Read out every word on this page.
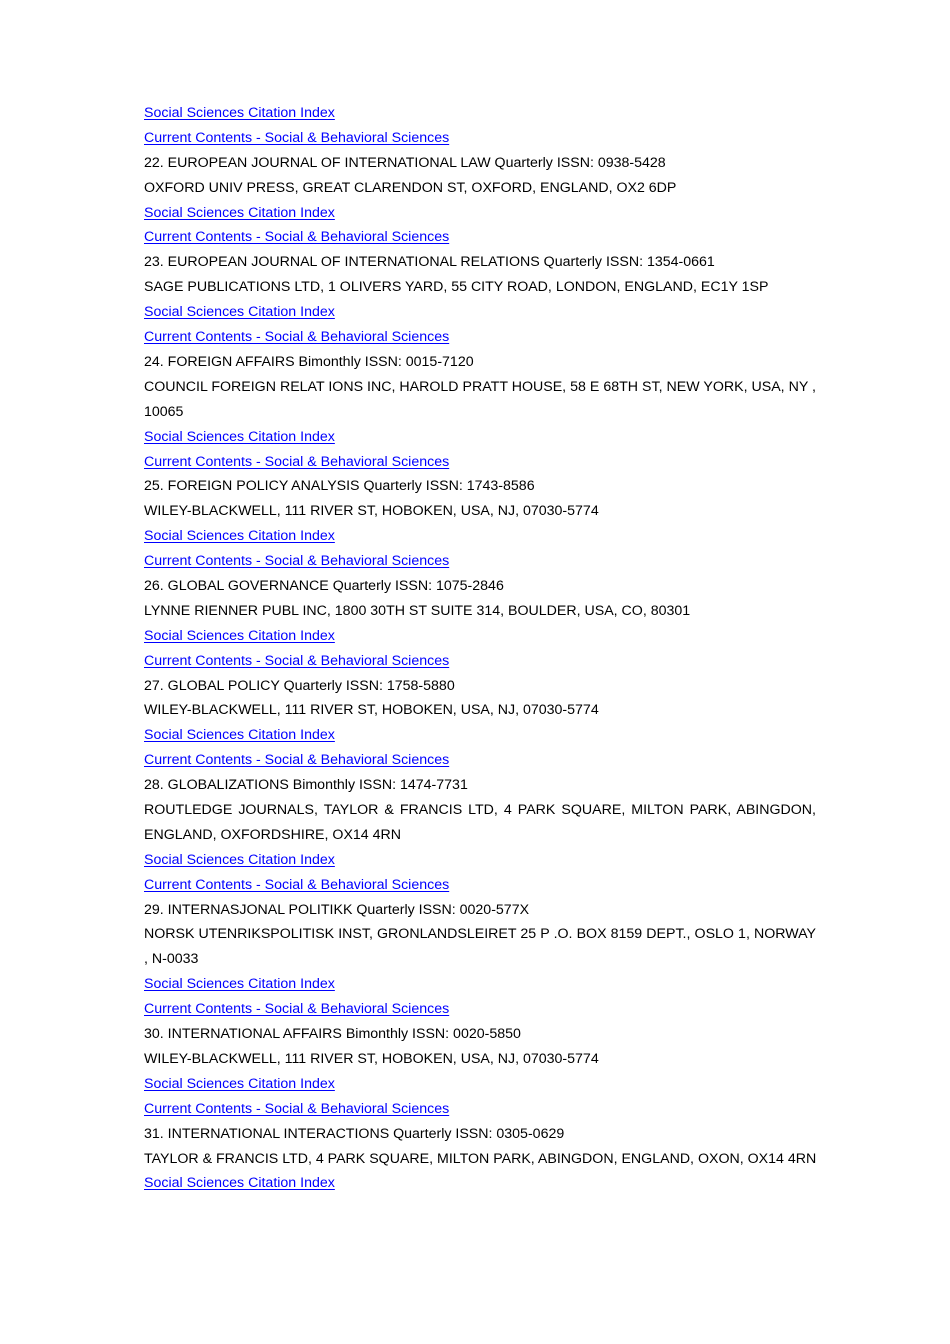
Social Sciences Citation Index
Current Contents - Social & Behavioral Sciences
22. EUROPEAN JOURNAL OF INTERNATIONAL LAW Quarterly ISSN: 0938-5428
OXFORD UNIV PRESS, GREAT CLARENDON ST, OXFORD, ENGLAND, OX2 6DP
Social Sciences Citation Index
Current Contents - Social & Behavioral Sciences
23. EUROPEAN JOURNAL OF INTERNATIONAL RELATIONS Quarterly ISSN: 1354-0661
SAGE PUBLICATIONS LTD, 1 OLIVERS YARD, 55 CITY ROAD, LONDON, ENGLAND, EC1Y 1SP
Social Sciences Citation Index
Current Contents - Social & Behavioral Sciences
24. FOREIGN AFFAIRS Bimonthly ISSN: 0015-7120
COUNCIL FOREIGN RELAT IONS INC, HAROLD PRATT HOUSE, 58 E 68TH ST, NEW YORK, USA, NY , 10065
Social Sciences Citation Index
Current Contents - Social & Behavioral Sciences
25. FOREIGN POLICY ANALYSIS Quarterly ISSN: 1743-8586
WILEY-BLACKWELL, 111 RIVER ST, HOBOKEN, USA, NJ, 07030-5774
Social Sciences Citation Index
Current Contents - Social & Behavioral Sciences
26. GLOBAL GOVERNANCE Quarterly ISSN: 1075-2846
LYNNE RIENNER PUBL INC, 1800 30TH ST SUITE 314, BOULDER, USA, CO, 80301
Social Sciences Citation Index
Current Contents - Social & Behavioral Sciences
27. GLOBAL POLICY Quarterly ISSN: 1758-5880
WILEY-BLACKWELL, 111 RIVER ST, HOBOKEN, USA, NJ, 07030-5774
Social Sciences Citation Index
Current Contents - Social & Behavioral Sciences
28. GLOBALIZATIONS Bimonthly ISSN: 1474-7731
ROUTLEDGE JOURNALS, TAYLOR & FRANCIS LTD, 4 PARK SQUARE, MILTON PARK, ABINGDON, ENGLAND, OXFORDSHIRE, OX14 4RN
Social Sciences Citation Index
Current Contents - Social & Behavioral Sciences
29. INTERNASJONAL POLITIKK Quarterly ISSN: 0020-577X
NORSK UTENRIKSPOLITISK INST, GRONLANDSLEIRET 25 P .O. BOX 8159 DEPT., OSLO 1, NORWAY , N-0033
Social Sciences Citation Index
Current Contents - Social & Behavioral Sciences
30. INTERNATIONAL AFFAIRS Bimonthly ISSN: 0020-5850
WILEY-BLACKWELL, 111 RIVER ST, HOBOKEN, USA, NJ, 07030-5774
Social Sciences Citation Index
Current Contents - Social & Behavioral Sciences
31. INTERNATIONAL INTERACTIONS Quarterly ISSN: 0305-0629
TAYLOR & FRANCIS LTD, 4 PARK SQUARE, MILTON PARK, ABINGDON, ENGLAND, OXON, OX14 4RN
Social Sciences Citation Index
